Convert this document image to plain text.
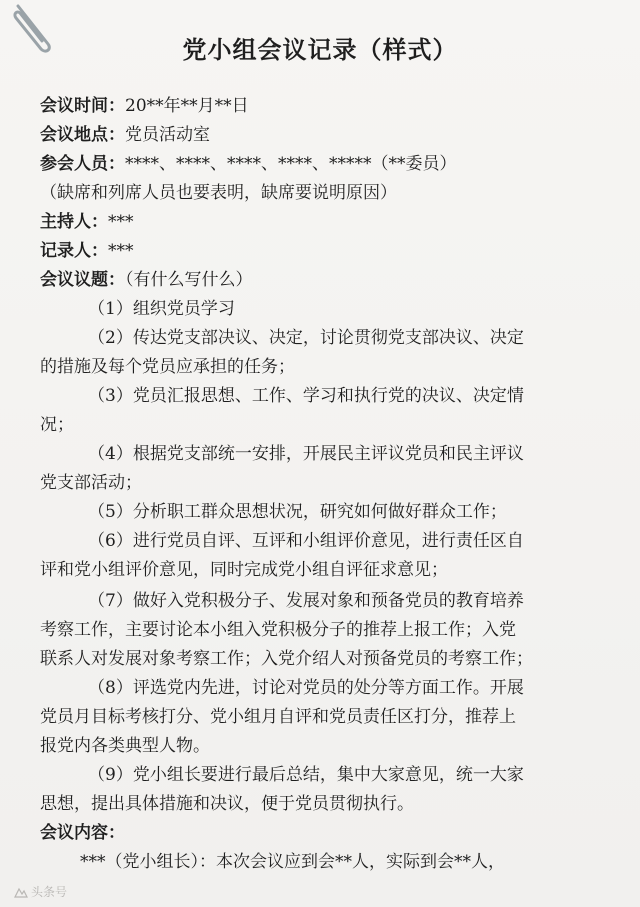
党小组会议记录（样式）
会议时间：20**年**月**日
会议地点：党员活动室
参会人员：****、****、****、****、*****（**委员）
（缺席和列席人员也要表明，缺席要说明原因）
主持人：***
记录人：***
会议议题：（有什么写什么）
（1）组织党员学习
（2）传达党支部决议、决定，讨论贯彻党支部决议、决定
的措施及每个党员应承担的任务；
（3）党员汇报思想、工作、学习和执行党的决议、决定情
况；
（4）根据党支部统一安排，开展民主评议党员和民主评议
党支部活动；
（5）分析职工群众思想状况，研究如何做好群众工作；
（6）进行党员自评、互评和小组评价意见，进行责任区自
评和党小组评价意见，同时完成党小组自评征求意见；
（7）做好入党积极分子、发展对象和预备党员的教育培养
考察工作，主要讨论本小组入党积极分子的推荐上报工作；入党
联系人对发展对象考察工作；入党介绍人对预备党员的考察工作；
（8）评选党内先进，讨论对党员的处分等方面工作。开展
党员月目标考核打分、党小组月自评和党员责任区打分，推荐上
报党内各类典型人物。
（9）党小组长要进行最后总结，集中大家意见，统一大家
思想，提出具体措施和决议，便于党员贯彻执行。
会议内容：
***（党小组长）：本次会议应到会**人，实际到会**人，
头条号
